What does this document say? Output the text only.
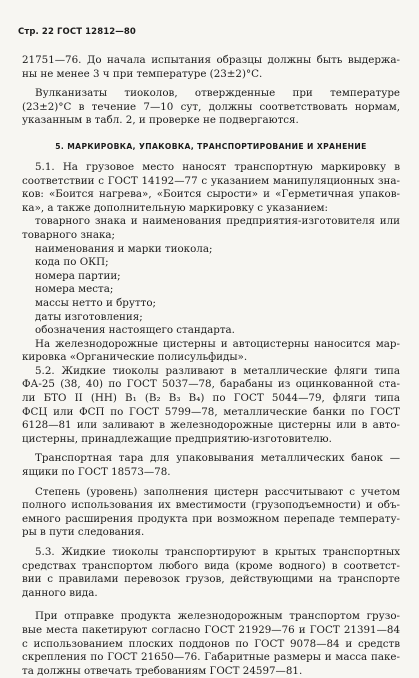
Стр. 22 ГОСТ 12812—80
21751—76. До начала испытания образцы должны быть выдержа-
ны не менее 3 ч при температуре (23±2)°С.
Вулканизаты тиоколов, отвержденные при температуре
(23±2)°С в течение 7—10 сут, должны соответствовать нормам,
указанным в табл. 2, и проверке не подвергаются.
5. МАРКИРОВКА, УПАКОВКА, ТРАНСПОРТИРОВАНИЕ И ХРАНЕНИЕ
5.1. На грузовое место наносят транспортную маркировку в
соответствии с ГОСТ 14192—77 с указанием манипуляционных зна-
ков: «Боится нагрева», «Боится сырости» и «Герметичная упаков-
ка», а также дополнительную маркировку с указанием:
товарного знака и наименования предприятия-изготовителя или
товарного знака;
наименования и марки тиокола;
кода по ОКП;
номера партии;
номера места;
массы нетто и брутто;
даты изготовления;
обозначения настоящего стандарта.
На железнодорожные цистерны и автоцистерны наносится мар-
кировка «Органические полисульфиды».
5.2. Жидкие тиоколы разливают в металлические фляги типа
ФА-25 (38, 40) по ГОСТ 5037—78, барабаны из оцинкованной ста-
ли БТО II (НН) В₁ (В₂ В₃ В₄) по ГОСТ 5044—79, фляги типа
ФСЦ или ФСП по ГОСТ 5799—78, металлические банки по ГОСТ
6128—81 или заливают в железнодорожные цистерны или в авто-
цистерны, принадлежащие предприятию-изготовителю.
Транспортная тара для упаковывания металлических банок —
ящики по ГОСТ 18573—78.
Степень (уровень) заполнения цистерн рассчитывают с учетом
полного использования их вместимости (грузоподъемности) и объ-
емного расширения продукта при возможном перепаде температу-
ры в пути следования.
5.3. Жидкие тиоколы транспортируют в крытых транспортных
средствах транспортом любого вида (кроме водного) в соответст-
вии с правилами перевозок грузов, действующими на транспорте
данного вида.
При отправке продукта железнодорожным транспортом грузо-
вые места пакетируют согласно ГОСТ 21929—76 и ГОСТ 21391—84
с использованием плоских поддонов по ГОСТ 9078—84 и средств
скрепления по ГОСТ 21650—76. Габаритные размеры и масса паке-
та должны отвечать требованиям ГОСТ 24597—81.
